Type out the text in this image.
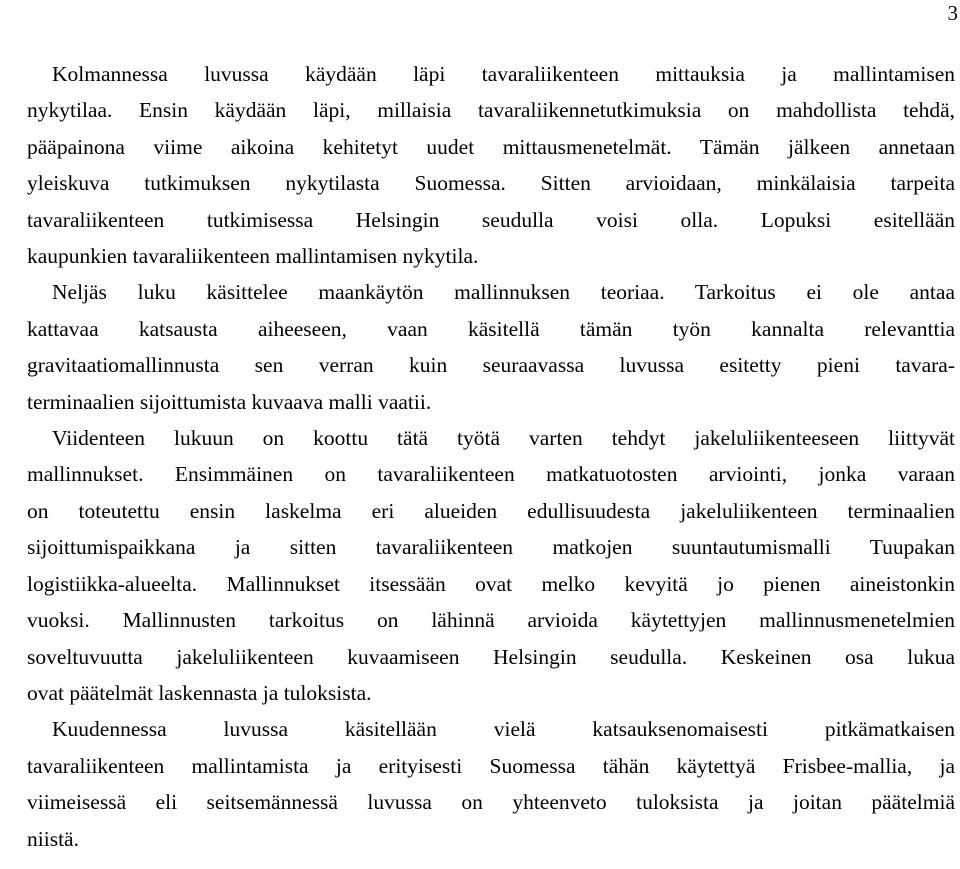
3
Kolmannessa luvussa käydään läpi tavaraliikenteen mittauksia ja mallintamisen
nykytilaa. Ensin käydään läpi, millaisia tavaraliikennetutkimuksia on mahdollista tehdä,
pääpainona viime aikoina kehitetyt uudet mittausmenetelmät. Tämän jälkeen annetaan
yleiskuva tutkimuksen nykytilasta Suomessa. Sitten arvioidaan, minkälaisia tarpeita
tavaraliikenteen tutkimisessa Helsingin seudulla voisi olla. Lopuksi esitellään
kaupunkien tavaraliikenteen mallintamisen nykytila.
Neljäs luku käsittelee maankäytön mallinnuksen teoriaa. Tarkoitus ei ole antaa
kattavaa katsausta aiheeseen, vaan käsitellä tämän työn kannalta relevanttia
gravitaatiomallinnusta sen verran kuin seuraavassa luvussa esitetty pieni tavara-
terminaalien sijoittumista kuvaava malli vaatii.
Viidenteen lukuun on koottu tätä työtä varten tehdyt jakeluliikenteeseen liittyvät
mallinnukset. Ensimmäinen on tavaraliikenteen matkatuotosten arviointi, jonka varaan
on toteutettu ensin laskelma eri alueiden edullisuudesta jakeluliikenteen terminaalien
sijoittumispaikkana ja sitten tavaraliikenteen matkojen suuntautumismalli Tuupakan
logistiikka-alueelta. Mallinnukset itsessään ovat melko kevyitä jo pienen aineistonkin
vuoksi. Mallinnusten tarkoitus on lähinnä arvioida käytettyjen mallinnusmenetelmien
soveltuvuutta jakeluliikenteen kuvaamiseen Helsingin seudulla. Keskeinen osa lukua
ovat päätelmät laskennasta ja tuloksista.
Kuudennessa luvussa käsitellään vielä katsauksenomaisesti pitkämatkaisen
tavaraliikenteen mallintamista ja erityisesti Suomessa tähän käytettyä Frisbee-mallia, ja
viimeisessä eli seitsemännessä luvussa on yhteenveto tuloksista ja joitan päätelmiä
niistä.
